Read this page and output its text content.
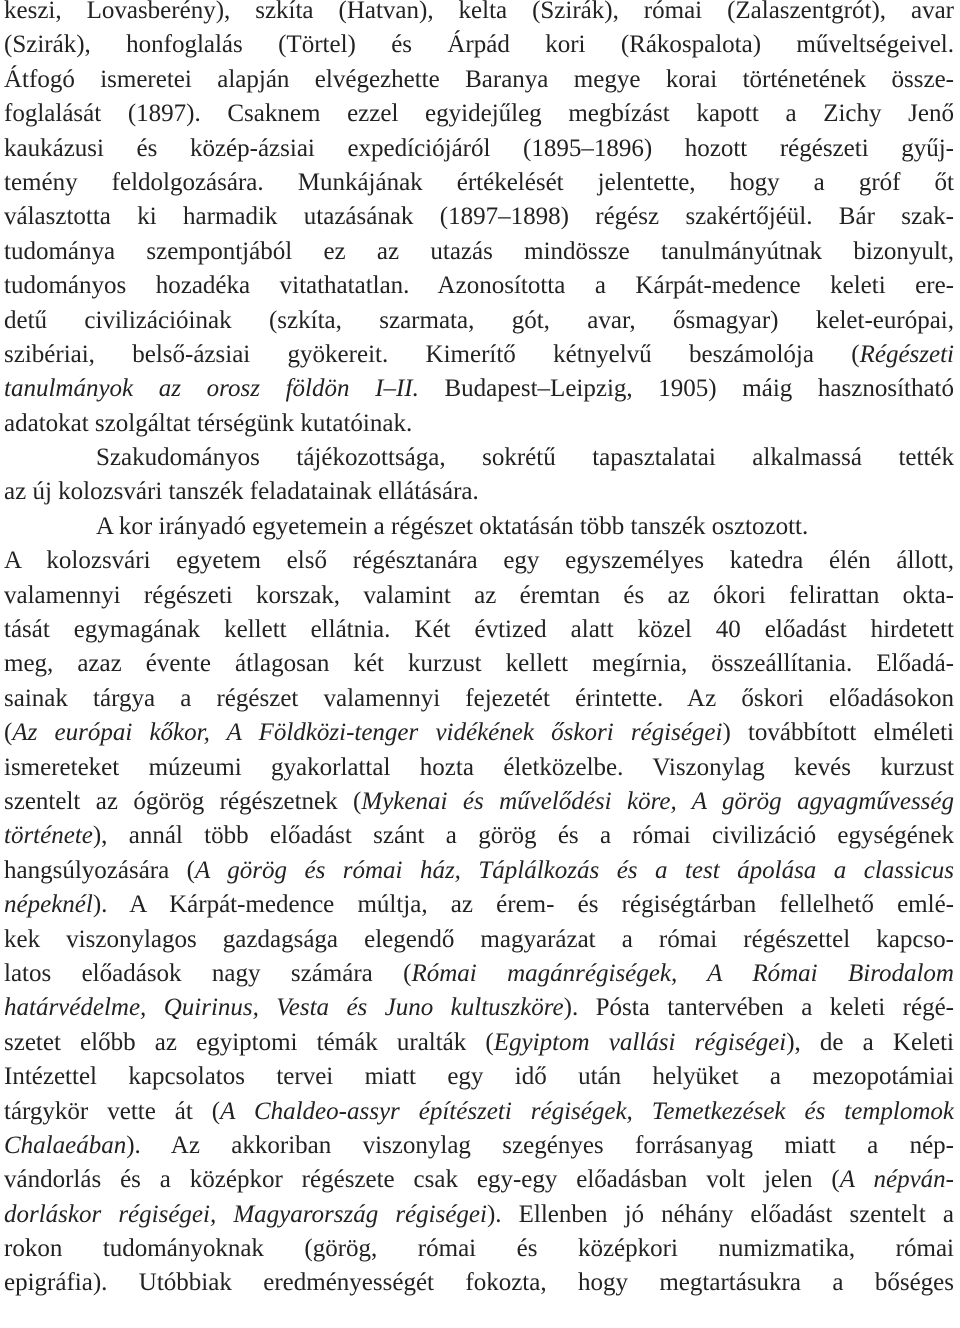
keszi, Lovasberény), szkíta (Hatvan), kelta (Szirák), római (Zalaszentgrót), avar
(Szirák), honfoglalás (Törtel) és Árpád kori (Rákospalota) műveltségeivel.
Átfogó ismeretei alapján elvégezhette Baranya megye korai történetének össze-
foglalását (1897). Csaknem ezzel egyidejűleg megbízást kapott a Zichy Jenő
kaukázusi és közép-ázsiai expedíciójáról (1895–1896) hozott régészeti gyűj-
temény feldolgozására. Munkájának értékelését jelentette, hogy a gróf őt
választotta ki harmadik utazásának (1897–1898) régész szakértőjéül. Bár szak-
tudománya szempontjából ez az utazás mindössze tanulmányútnak bizonyult,
tudományos hozadéka vitathatatlan. Azonosította a Kárpát-medence keleti ere-
detű civilizációinak (szkíta, szarmata, gót, avar, ősmagyar) kelet-európai,
szibériai, belső-ázsiai gyökereit. Kimerítő kétnyelvű beszámolója (Régészeti
tanulmányok az orosz földön I–II. Budapest–Leipzig, 1905) máig hasznosítható
adatokat szolgáltat térségünk kutatóinak.
Szakudományos tájékozottsága, sokrétű tapasztalatai alkalmassá tették
az új kolozsvári tanszék feladatainak ellátására.
A kor irányadó egyetemein a régészet oktatásán több tanszék osztozott.
A kolozsvári egyetem első régésztanára egy egyszemélyes katedra élén állott,
valamennyi régészeti korszak, valamint az éremtan és az ókori felirattan okta-
tását egymagának kellett ellátnia. Két évtized alatt közel 40 előadást hirdetett
meg, azaz évente átlagosan két kurzust kellett megírnia, összeállítania. Előadá-
sainak tárgya a régészet valamennyi fejezetét érintette. Az őskori előadásokon
(Az európai kőkor, A Földközi-tenger vidékének őskori régiségei) továbbított elméleti
ismereteket múzeumi gyakorlattal hozta életközelbe. Viszonylag kevés kurzust
szentelt az ógörög régészetnek (Mykenai és művelődési köre, A görög agyagművesség
története), annál több előadást szánt a görög és a római civilizáció egységének
hangsúlyozására (A görög és római ház, Táplálkozás és a test ápolása a classicus
népeknél). A Kárpát-medence múltja, az érem- és régiségtárban fellelhető emlé-
kek viszonylagos gazdagsága elegendő magyarázat a római régészettel kapcso-
latos előadások nagy számára (Római magánrégiségek, A Római Birodalom
határvédelme, Quirinus, Vesta és Juno kultuszköre). Pósta tantervében a keleti régé-
szetet előbb az egyiptomi témák uralták (Egyiptom vallási régiségei), de a Keleti
Intézettel kapcsolatos tervei miatt egy idő után helyüket a mezopotámiai
tárgykör vette át (A Chaldeo-assyr építészeti régiségek, Temetkezések és templomok
Chalaeában). Az akkoriban viszonylag szegényes forrásanyag miatt a nép-
vándorlás és a középkor régészete csak egy-egy előadásban volt jelen (A népván-
dorláskor régiségei, Magyarország régiségei). Ellenben jó néhány előadást szentelt a
rokon tudományoknak (görög, római és középkori numizmatika, római
epigráfia). Utóbbiak eredményességét fokozta, hogy megtartásukra a bőséges
